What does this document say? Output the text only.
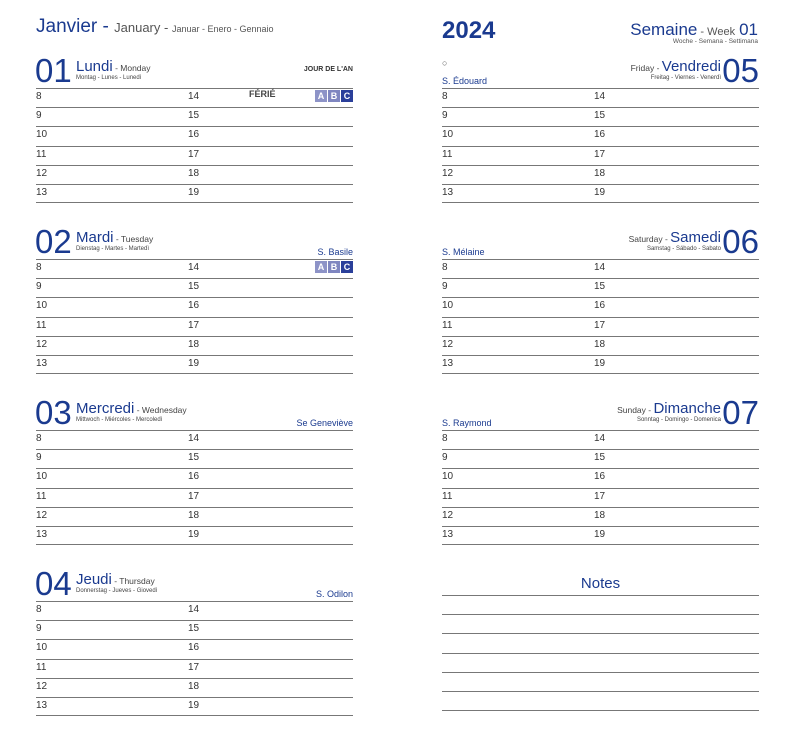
Janvier - January - Januar - Enero - Gennaio	2024	Semaine - Week 01
Woche - Semana - Settimana
01 Lundi - Monday
Montag - Lunes - Lunedì
JOUR DE L'AN
8	14	FÉRIÉ	A B C
9	15
10	16
11	17
12	18
13	19
02 Mardi - Tuesday
Dienstag - Martes - Martedì	S. Basile
8	14	A B C
9	15
10	16
11	17
12	18
13	19
03 Mercredi - Wednesday
Mittwoch - Miércoles - Mercoledì	Se Geneviève
8	14
9	15
10	16
11	17
12	18
13	19
04 Jeudi - Thursday
Donnerstag - Jueves - Giovedì	S. Odilon
8	14
9	15
10	16
11	17
12	18
13	19
○	05
Friday - Vendredi
Freitag - Viernes - Venerdì
S. Édouard
8	14
9	15
10	16
11	17
12	18
13	19
06
Saturday - Samedi
Samstag - Sábado - Sabato
S. Mélaine
8	14
9	15
10	16
11	17
12	18
13	19
07
Sunday - Dimanche
Sonntag - Domingo - Domenica
S. Raymond
8	14
9	15
10	16
11	17
12	18
13	19
Notes
